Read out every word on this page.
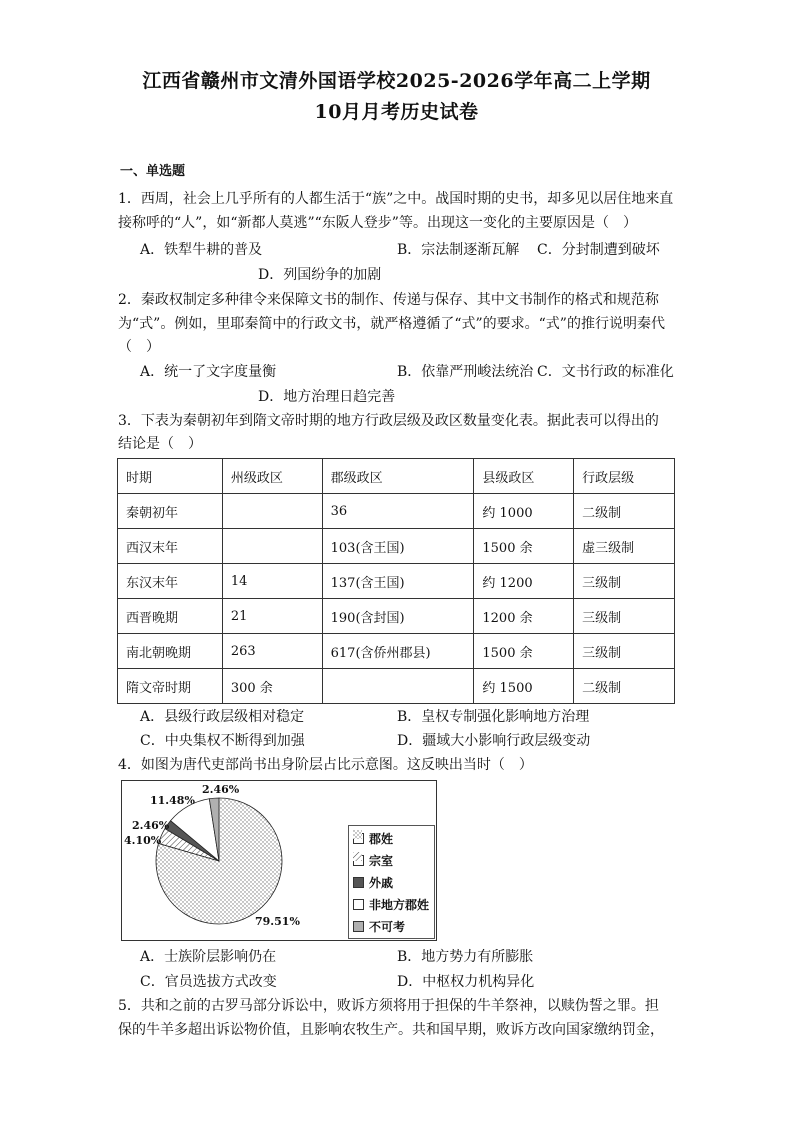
江西省赣州市文清外国语学校2025-2026学年高二上学期
10月月考历史试卷
一、单选题
1．西周，社会上几乎所有的人都生活于“族”之中。战国时期的史书，却多见以居住地来直
接称呼的“人”，如“新都人莫逃”“东阪人登步”等。出现这一变化的主要原因是（　）
A．铁犁牛耕的普及	B．宗法制逐渐瓦解 C．分封制遭到破坏
D．列国纷争的加剧
2．秦政权制定多种律令来保障文书的制作、传递与保存、其中文书制作的格式和规范称
为“式”。例如，里耶秦简中的行政文书，就严格遵循了“式”的要求。“式”的推行说明秦代
（　）
A．统一了文字度量衡	B．依靠严刑峻法统治 C．文书行政的标准化
D．地方治理日趋完善
3．下表为秦朝初年到隋文帝时期的地方行政层级及政区数量变化表。据此表可以得出的
结论是（　）
时期	州级政区	郡级政区	县级政区	行政层级
秦朝初年		36	约 1000	二级制
西汉末年		103(含王国)	1500 余	虚三级制
东汉末年	14	137(含王国)	约 1200	三级制
西晋晚期	21	190(含封国)	1200 余	三级制
南北朝晚期	263	617(含侨州郡县)	1500 余	三级制
隋文帝时期	300 余		约 1500	二级制
A．县级行政层级相对稳定	B．皇权专制强化影响地方治理
C．中央集权不断得到加强	D．疆域大小影响行政层级变动
4．如图为唐代吏部尚书出身阶层占比示意图。这反映出当时（　）
11.48%
2.46%
2.46%
4.10%
79.51%
郡姓
宗室
外戚
非地方郡姓
不可考
A．士族阶层影响仍在	B．地方势力有所膨胀
C．官员选拔方式改变	D．中枢权力机构异化
5．共和之前的古罗马部分诉讼中，败诉方须将用于担保的牛羊祭神，以赎伪誓之罪。担
保的牛羊多超出诉讼物价值，且影响农牧生产。共和国早期，败诉方改向国家缴纳罚金，
